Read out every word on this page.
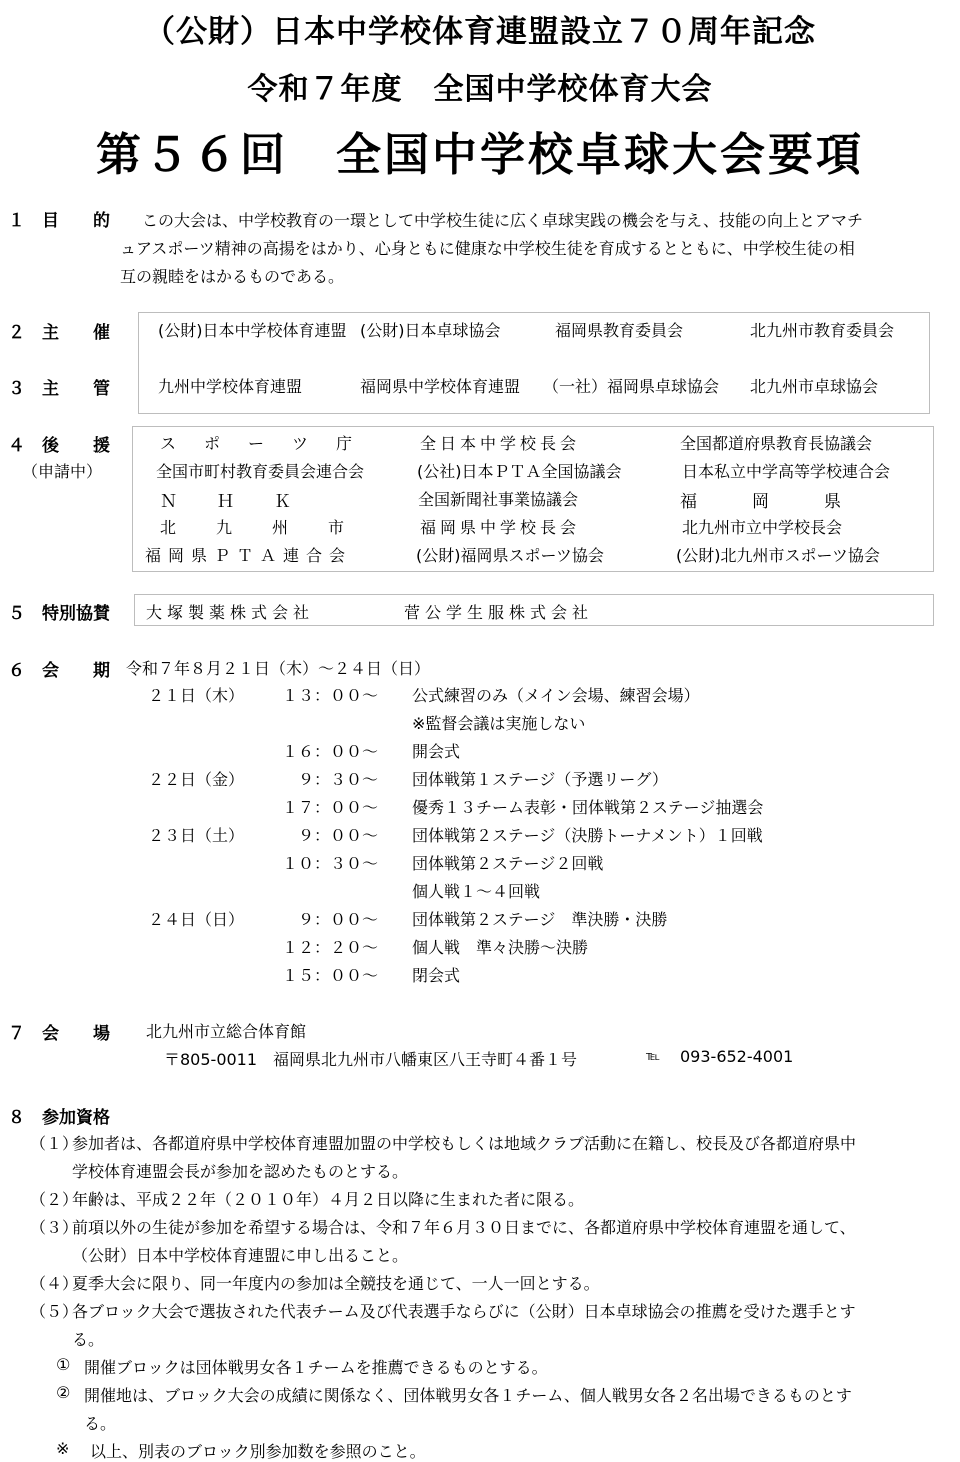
（公財）日本中学校体育連盟設立７０周年記念
令和７年度　全国中学校体育大会
第５６回　全国中学校卓球大会要項
１　目　　的 この大会は、中学校教育の一環として中学校生徒に広く卓球実践の機会を与え、技能の向上とアマチ
ュアスポーツ精神の高揚をはかり、心身ともに健康な中学校生徒を育成するとともに、中学校生徒の相
互の親睦をはかるものである。
２　主　　催	(公財)日本中学校体育連盟 (公財)日本卓球協会	福岡県教育委員会	北九州市教育委員会
３　主　　管	九州中学校体育連盟	福岡県中学校体育連盟 （一社）福岡県卓球協会 北九州市卓球協会
４　後　　援
（申請中）
ス　ポ　ー　ツ　庁	全日本中学校長会	全国都道府県教育長協議会
全国市町村教育委員会連合会	(公社)日本ＰＴＡ全国協議会	日本私立中学高等学校連合会
Ｎ　　Ｈ　　Ｋ	全国新聞社事業協議会	福　　　岡　　　県
北　九　州　市	福岡県中学校長会	北九州市立中学校長会
福岡県ＰＴＡ連合会	(公財)福岡県スポーツ協会	(公財)北九州市スポーツ協会
５　特別協賛 大塚製薬株式会社	菅公学生服株式会社
６　会　　期 令和７年８月２１日（木）～２４日（日）
２１日（木）	１３：００～ 公式練習のみ（メイン会場、練習会場）
※監督会議は実施しない
１６：００～ 開会式
２２日（金）	９：３０～ 団体戦第１ステージ（予選リーグ）
１７：００～ 優秀１３チーム表彰・団体戦第２ステージ抽選会
２３日（土）	９：００～ 団体戦第２ステージ（決勝トーナメント）１回戦
１０：３０～ 団体戦第２ステージ２回戦
個人戦１～４回戦
２４日（日）	９：００～ 団体戦第２ステージ　準決勝・決勝
１２：２０～ 個人戦　準々決勝～決勝
１５：００～ 閉会式
７　会　　場 北九州市立総合体育館
〒805-0011　福岡県北九州市八幡東区八王寺町４番１号	℡ 093-652-4001
８　参加資格
（１）
参加者は、各都道府県中学校体育連盟加盟の中学校もしくは地域クラブ活動に在籍し、校長及び各都道府県中
学校体育連盟会長が参加を認めたものとする。
（２）
年齢は、平成２２年（２０１０年）４月２日以降に生まれた者に限る。
（３）
前項以外の生徒が参加を希望する場合は、令和７年６月３０日までに、各都道府県中学校体育連盟を通して、
（公財）日本中学校体育連盟に申し出ること。
（４）
夏季大会に限り、同一年度内の参加は全競技を通じて、一人一回とする。
（５）
各ブロック大会で選抜された代表チーム及び代表選手ならびに（公財）日本卓球協会の推薦を受けた選手とす
る。
① 開催ブロックは団体戦男女各１チームを推薦できるものとする。
② 開催地は、ブロック大会の成績に関係なく、団体戦男女各１チーム、個人戦男女各２名出場できるものとす
る。
※ 以上、別表のブロック別参加数を参照のこと。
